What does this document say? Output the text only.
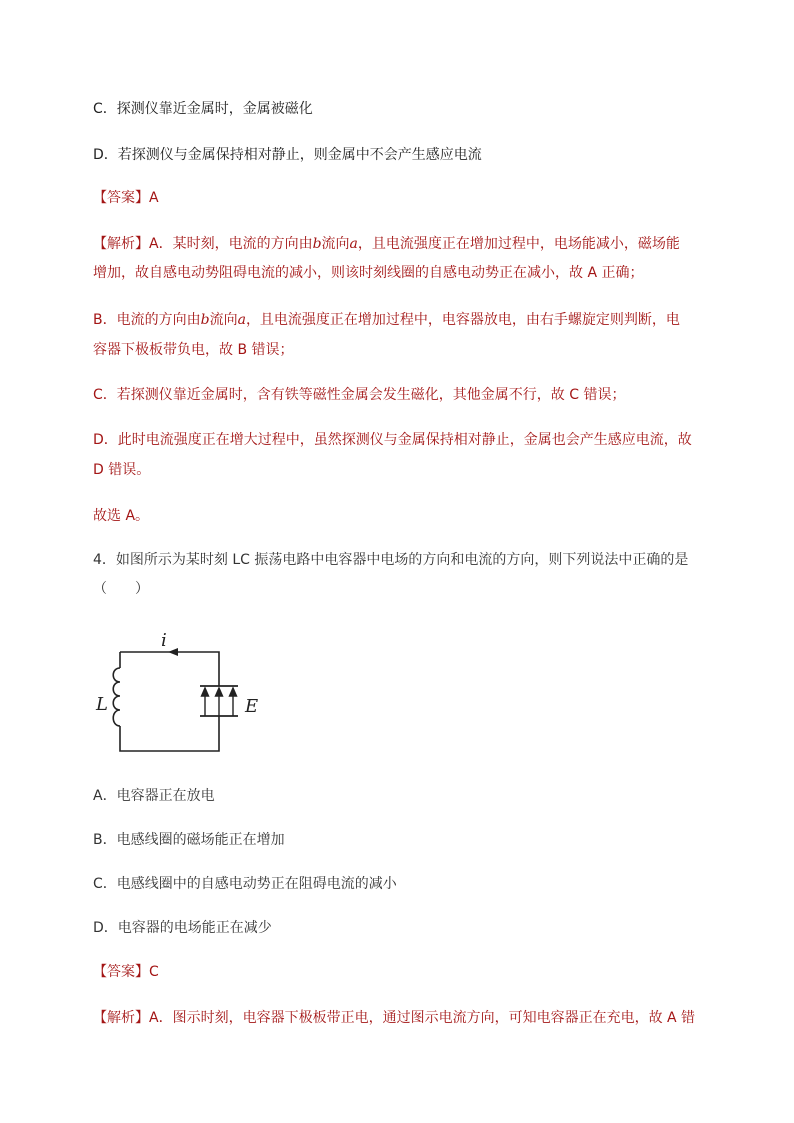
C．探测仪靠近金属时，金属被磁化

D．若探测仪与金属保持相对静止，则金属中不会产生感应电流

【答案】A

【解析】A．某时刻，电流的方向由b流向a，且电流强度正在增加过程中，电场能减小，磁场能

增加，故自感电动势阻碍电流的减小，则该时刻线圈的自感电动势正在减小，故 A 正确；

B．电流的方向由b流向a，且电流强度正在增加过程中，电容器放电，由右手螺旋定则判断，电

容器下极板带负电，故 B 错误；

C．若探测仪靠近金属时，含有铁等磁性金属会发生磁化，其他金属不行，故 C 错误；

D．此时电流强度正在增大过程中，虽然探测仪与金属保持相对静止，金属也会产生感应电流，故

D 错误。

故选 A。

4．如图所示为某时刻 LC 振荡电路中电容器中电场的方向和电流的方向，则下列说法中正确的是

（　　）

i
L	E

A．电容器正在放电

B．电感线圈的磁场能正在增加

C．电感线圈中的自感电动势正在阻碍电流的减小

D．电容器的电场能正在减少

【答案】C

【解析】A．图示时刻，电容器下极板带正电，通过图示电流方向，可知电容器正在充电，故 A 错
